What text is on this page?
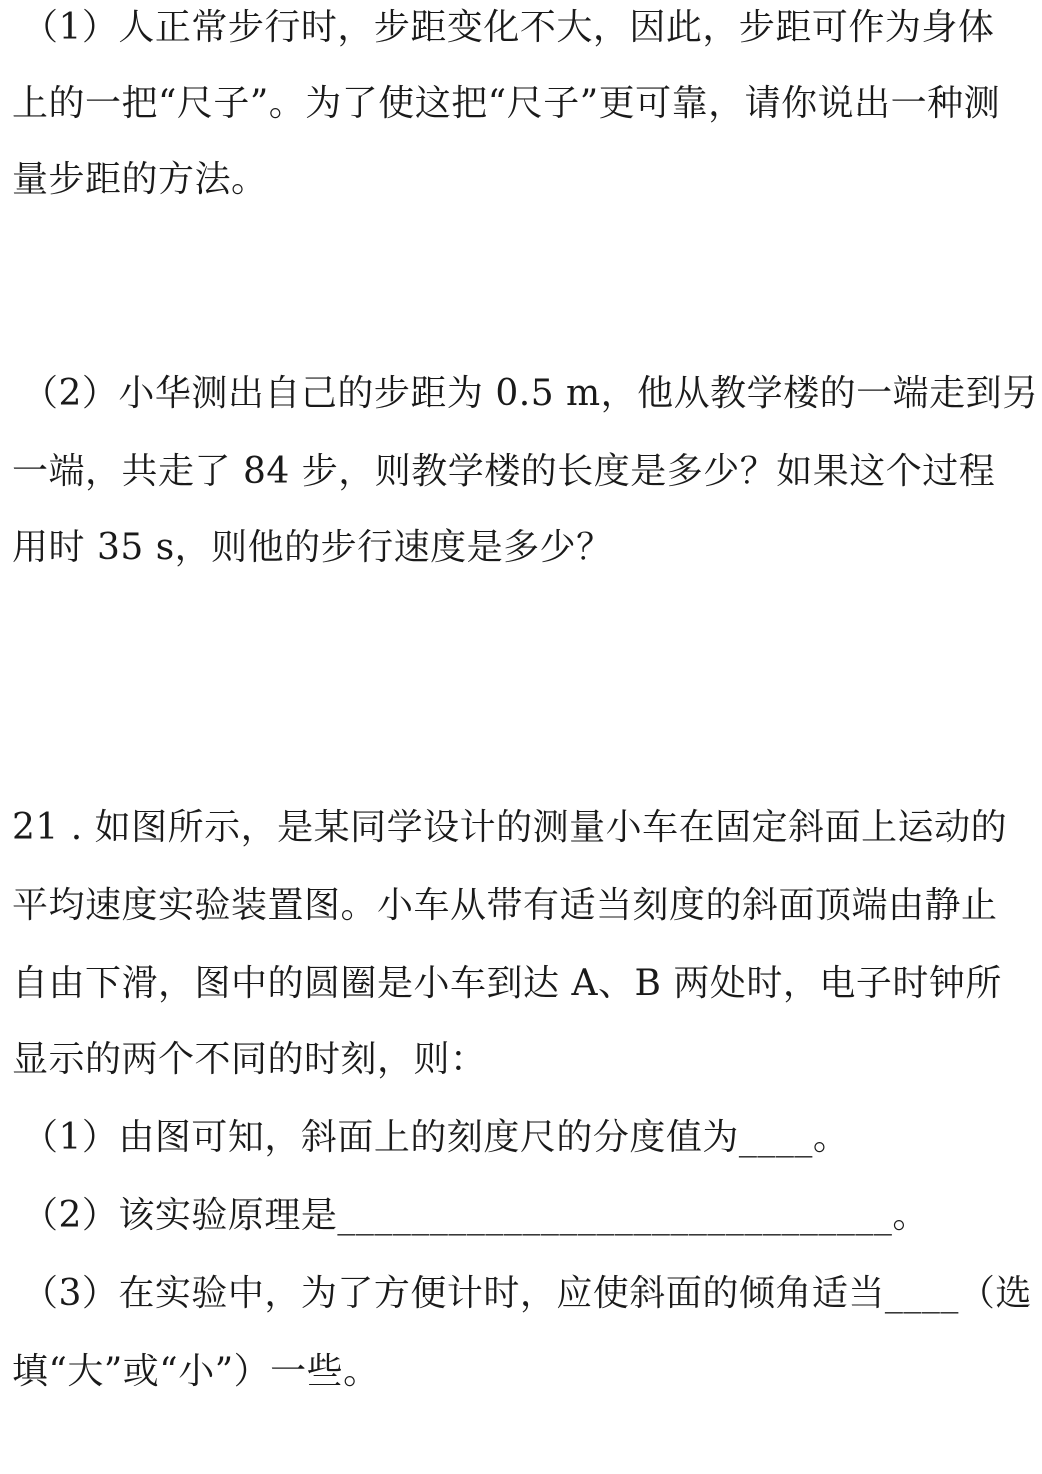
（1）人正常步行时，步距变化不大，因此，步距可作为身体
上的一把“尺子”。为了使这把“尺子”更可靠，请你说出一种测
量步距的方法。
（2）小华测出自己的步距为 0.5 m，他从教学楼的一端走到另
一端，共走了 84 步，则教学楼的长度是多少？如果这个过程
用时 35 s，则他的步行速度是多少？
21 . 如图所示，是某同学设计的测量小车在固定斜面上运动的
平均速度实验装置图。小车从带有适当刻度的斜面顶端由静止
自由下滑，图中的圆圈是小车到达 A、B 两处时，电子时钟所
显示的两个不同的时刻，则：
（1）由图可知，斜面上的刻度尺的分度值为____。
（2）该实验原理是______________________________。
（3）在实验中，为了方便计时，应使斜面的倾角适当____（选
填“大”或“小”）一些。
